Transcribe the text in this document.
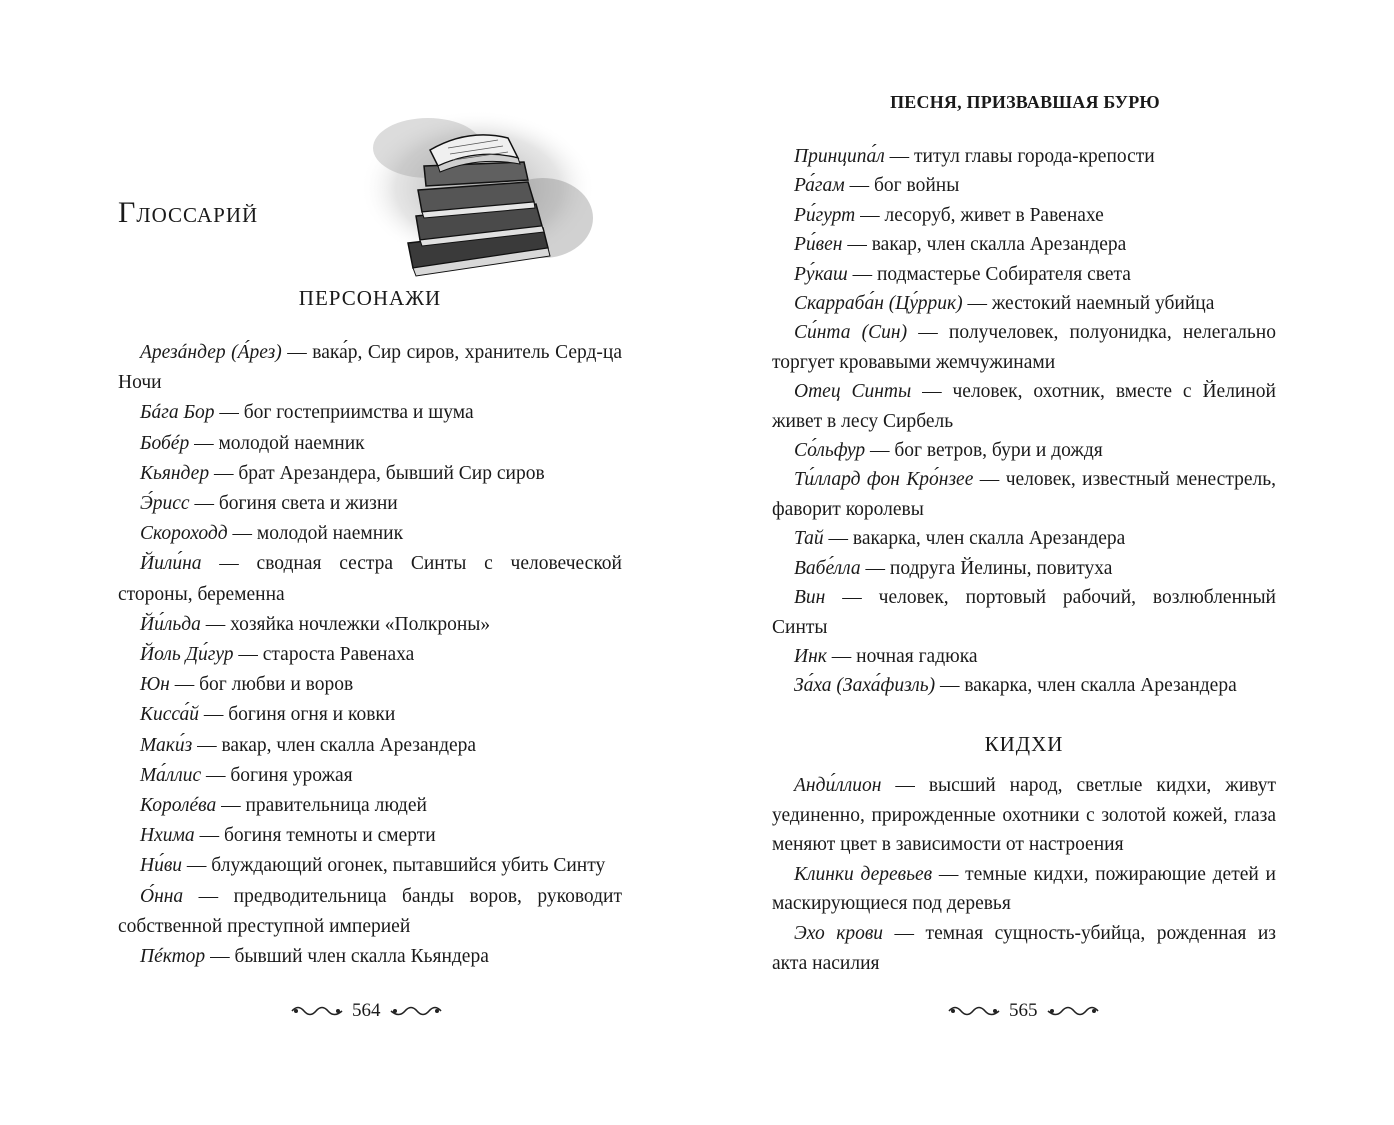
Глоссарий
ПЕРСОНАЖИ

Арезáндер (А́рез) — вака́р, Сир сиров, хранитель Серд-ца Ночи

Бáга Бор — бог гостеприимства и шума

Бобéр — молодой наемник

Кьяндер — брат Арезандера, бывший Сир сиров

Э́рисс — богиня света и жизни

Скороходд — молодой наемник

Йили́на — сводная сестра Синты с человеческой стороны, беременна

Йи́льда — хозяйка ночлежки «Полкроны»

Йоль Ди́гур — староста Равенаха

Юн — бог любви и воров

Кисса́й — богиня огня и ковки

Маки́з — вакар, член скалла Арезандера

Ма́ллис — богиня урожая

Королéва — правительница людей

Нхима — богиня темноты и смерти

Ни́ви — блуждающий огонек, пытавшийся убить Синту

О́нна — предводительница банды воров, руководит собственной преступной империей

Пéктор — бывший член скалла Кьяндера

564
ПЕСНЯ, ПРИЗВАВШАЯ БУРЮ

Принципа́л — титул главы города-крепости

Ра́гам — бог войны

Ри́гурт — лесоруб, живет в Равенахе

Ри́вен — вакар, член скалла Арезандера

Ру́каш — подмастерье Собирателя света

Скарраба́н (Цу́ррик) — жестокий наемный убийца

Си́нта (Син) — получеловек, полуонидка, нелегально торгует кровавыми жемчужинами

Отец Синты — человек, охотник, вместе с Йелиной живет в лесу Сирбель

Со́льфур — бог ветров, бури и дождя

Ти́ллард фон Кро́нзее — человек, известный менестрель, фаворит королевы

Тай — вакарка, член скалла Арезандера

Вабе́лла — подруга Йелины, повитуха

Вин — человек, портовый рабочий, возлюбленный Синты

Инк — ночная гадюка

За́ха (Заха́физль) — вакарка, член скалла Арезандера

КИДХИ

Анди́ллион — высший народ, светлые кидхи, живут уединенно, прирожденные охотники с золотой кожей, глаза меняют цвет в зависимости от настроения

Клинки деревьев — темные кидхи, пожирающие детей и маскирующиеся под деревья

Эхо крови — темная сущность-убийца, рожденная из акта насилия

565
